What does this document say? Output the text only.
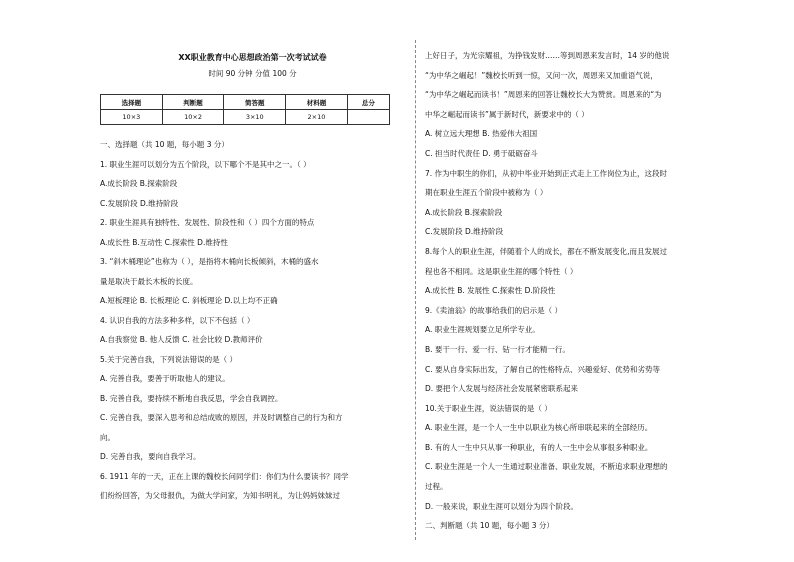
XX职业教育中心思想政治第一次考试试卷
时间 90 分钟 分值 100 分
选择题	判断题	简答题	材料题	总分
10×3	10×2	3×10	2×10	
一、选择题（共 10 题，每小题 3 分）
1. 职业生涯可以划分为五个阶段，以下哪个不是其中之一。（ ）
A.成长阶段 B.探索阶段
C.发展阶段 D.维持阶段
2. 职业生涯具有独特性、发展性、阶段性和（ ）四个方面的特点
A.成长性 B.互动性 C.探索性 D.维持性
3. “斜木桶理论”也称为（ ），是指将木桶向长板倾斜，木桶的盛水
量是取决于最长木板的长度。
A.短板理论 B. 长板理论 C. 斜板理论 D.以上均不正确
4. 认识自我的方法多种多样，以下不包括（ ）
A.自我察觉 B. 他人反馈 C. 社会比较 D.教师评价
5.关于完善自我，下列说法错误的是（ ）
A. 完善自我，要善于听取他人的建议。
B. 完善自我，要持续不断地自我反思，学会自我调控。
C. 完善自我，要深入思考和总结成败的原因，并及时调整自己的行为和方
向。
D. 完善自我，要向自我学习。
6. 1911 年的一天，正在上课的魏校长问同学们：你们为什么要读书？同学
们纷纷回答，为父母报仇，为做大学问家，为知书明礼，为让妈妈妹妹过
上好日子，为光宗耀祖，为挣钱发财……等到周恩来发言时，14 岁的他说
“为中华之崛起！”魏校长听到一惊，又问一次，周恩来又加重语气说，
“为中华之崛起而读书！”周恩来的回答让魏校长大为赞赏。周恩来的“为
中华之崛起而读书”属于新时代，新要求中的（ ）
A. 树立远大理想 B. 热爱伟大祖国
C. 担当时代责任 D. 勇于砥砺奋斗
7. 作为中职生的你们，从初中毕业开始到正式走上工作岗位为止，这段时
期在职业生涯五个阶段中被称为（ ）
A.成长阶段 B.探索阶段
C.发展阶段 D.维持阶段
8.每个人的职业生涯，伴随着个人的成长，都在不断发展变化,而且发展过
程也各不相同。这是职业生涯的哪个特性（ ）
A.成长性 B. 发展性 C.探索性 D.阶段性
9.《卖油翁》的故事给我们的启示是（ ）
A. 职业生涯规划要立足所学专业。
B. 要干一行、爱一行、钻一行才能精一行。
C. 要从自身实际出发，了解自己的性格特点、兴趣爱好、优势和劣势等
D. 要把个人发展与经济社会发展紧密联系起来
10.关于职业生涯，说法错误的是（ ）
A. 职业生涯，是一个人一生中以职业为核心所串联起来的全部经历。
B. 有的人一生中只从事一种职业，有的人一生中会从事很多种职业。
C. 职业生涯是一个人一生通过职业准备、职业发展，不断追求职业理想的
过程。
D. 一般来说，职业生涯可以划分为四个阶段。
二、判断题（共 10 题，每小题 3 分）
